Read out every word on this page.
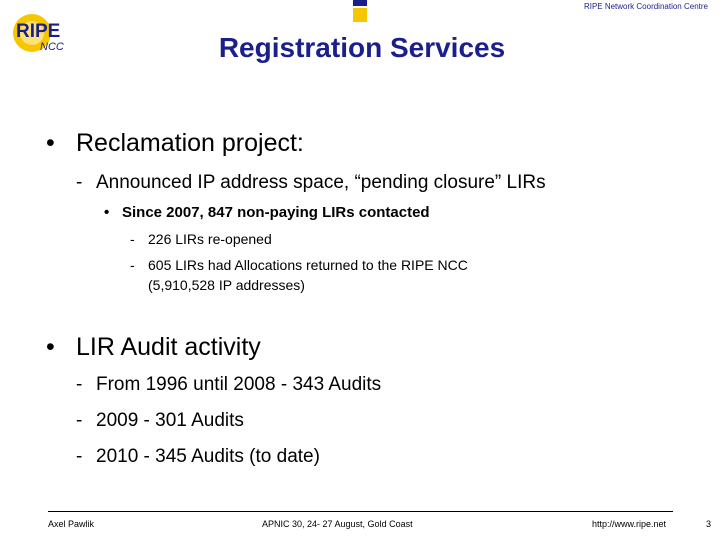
RIPE
NCC
RIPE Network Coordination Centre
Registration Services
• Reclamation project:
- Announced IP address space, “pending closure” LIRs
• Since 2007, 847 non-paying LIRs contacted
- 226 LIRs re-opened
- 605 LIRs had Allocations returned to the RIPE NCC
(5,910,528 IP addresses)
• LIR Audit activity
- From 1996 until 2008 - 343 Audits
- 2009 - 301 Audits
- 2010 - 345 Audits (to date)
Axel Pawlik	APNIC 30, 24- 27 August, Gold Coast	http://www.ripe.net	3
